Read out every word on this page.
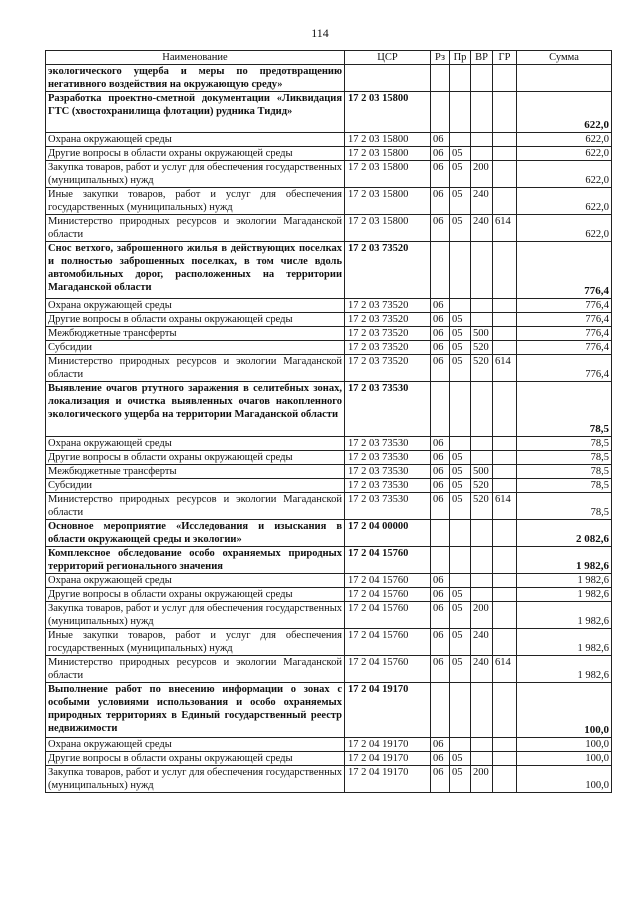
114
Наименование	ЦСР	Рз	Пр	ВР	ГР	Сумма
экологического ущерба и меры по предотвращению негативного воздействия на окружающую среду»						
Разработка проектно-сметной документации «Ликвидация ГТС (хвостохранилища флотации) рудника Тидид»	17 2 03 15800					622,0
Охрана окружающей среды	17 2 03 15800	06				622,0
Другие вопросы в области охраны окружающей среды	17 2 03 15800	06	05			622,0
Закупка товаров, работ и услуг для обеспечения государственных (муниципальных) нужд	17 2 03 15800	06	05	200		622,0
Иные закупки товаров, работ и услуг для обеспечения государственных (муниципальных) нужд	17 2 03 15800	06	05	240		622,0
Министерство природных ресурсов и экологии Магаданской области	17 2 03 15800	06	05	240	614	622,0
Снос ветхого, заброшенного жилья в действующих поселках и полностью заброшенных поселках, в том числе вдоль автомобильных дорог, расположенных на территории Магаданской области	17 2 03 73520					776,4
Охрана окружающей среды	17 2 03 73520	06				776,4
Другие вопросы в области охраны окружающей среды	17 2 03 73520	06	05			776,4
Межбюджетные трансферты	17 2 03 73520	06	05	500		776,4
Субсидии	17 2 03 73520	06	05	520		776,4
Министерство природных ресурсов и экологии Магаданской области	17 2 03 73520	06	05	520	614	776,4
Выявление очагов ртутного заражения в селитебных зонах, локализация и очистка выявленных очагов накопленного экологического ущерба на территории Магаданской области	17 2 03 73530					78,5
Охрана окружающей среды	17 2 03 73530	06				78,5
Другие вопросы в области охраны окружающей среды	17 2 03 73530	06	05			78,5
Межбюджетные трансферты	17 2 03 73530	06	05	500		78,5
Субсидии	17 2 03 73530	06	05	520		78,5
Министерство природных ресурсов и экологии Магаданской области	17 2 03 73530	06	05	520	614	78,5
Основное мероприятие «Исследования и изыскания в области окружающей среды и экологии»	17 2 04 00000					2 082,6
Комплексное обследование особо охраняемых природных территорий регионального значения	17 2 04 15760					1 982,6
Охрана окружающей среды	17 2 04 15760	06				1 982,6
Другие вопросы в области охраны окружающей среды	17 2 04 15760	06	05			1 982,6
Закупка товаров, работ и услуг для обеспечения государственных (муниципальных) нужд	17 2 04 15760	06	05	200		1 982,6
Иные закупки товаров, работ и услуг для обеспечения государственных (муниципальных) нужд	17 2 04 15760	06	05	240		1 982,6
Министерство природных ресурсов и экологии Магаданской области	17 2 04 15760	06	05	240	614	1 982,6
Выполнение работ по внесению информации о зонах с особыми условиями использования и особо охраняемых природных территориях в Единый государственный реестр недвижимости	17 2 04 19170					100,0
Охрана окружающей среды	17 2 04 19170	06				100,0
Другие вопросы в области охраны окружающей среды	17 2 04 19170	06	05			100,0
Закупка товаров, работ и услуг для обеспечения государственных (муниципальных) нужд	17 2 04 19170	06	05	200		100,0
